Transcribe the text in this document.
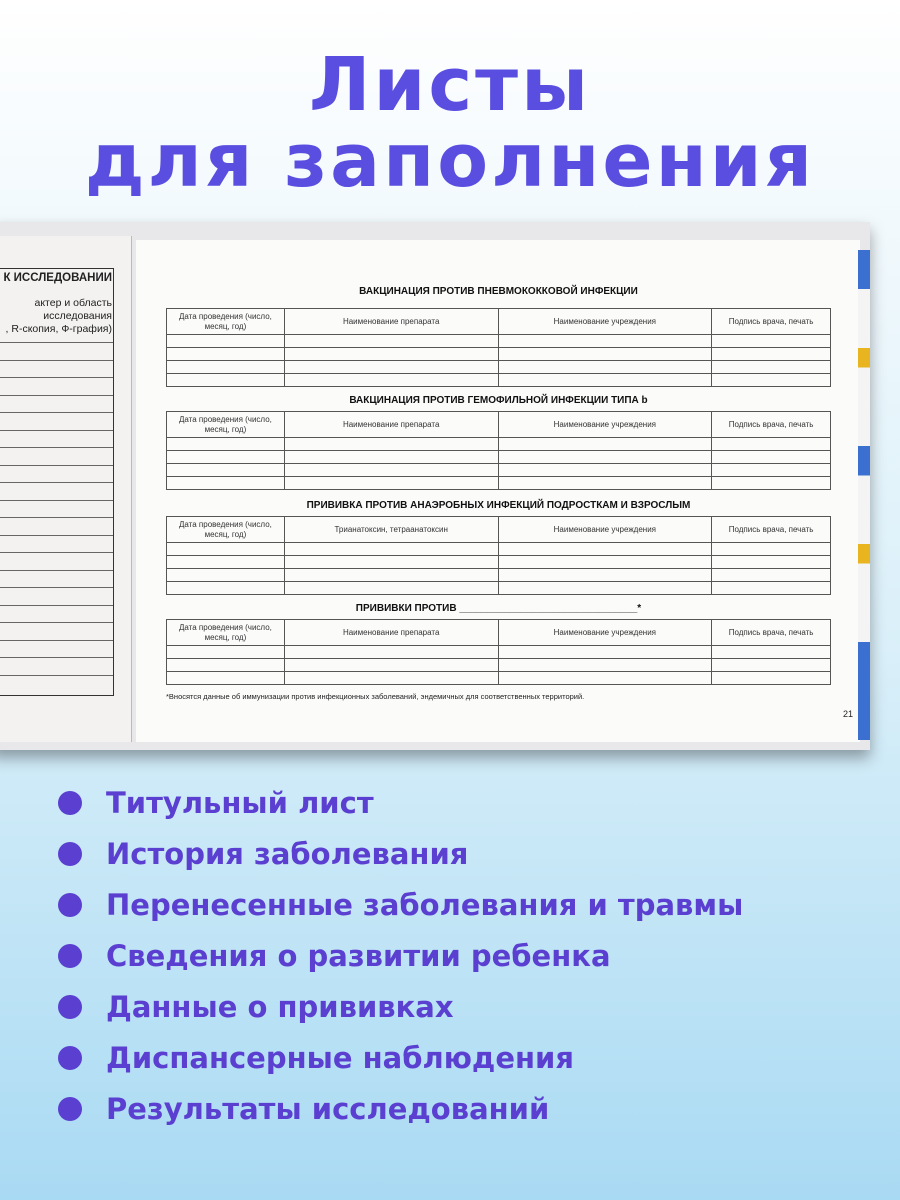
Листы
для заполнения
К ИССЛЕДОВАНИЙ
актер и область
исследования
, R-скопия, Ф-графия)
ВАКЦИНАЦИЯ ПРОТИВ ПНЕВМОКОККОВОЙ ИНФЕКЦИИ
Дата проведения (число, месяц, год)	Наименование препарата	Наименование учреждения	Подпись врача, печать

ВАКЦИНАЦИЯ ПРОТИВ ГЕМОФИЛЬНОЙ ИНФЕКЦИИ ТИПА b
Дата проведения (число, месяц, год)	Наименование препарата	Наименование учреждения	Подпись врача, печать

ПРИВИВКА ПРОТИВ АНАЭРОБНЫХ ИНФЕКЦИЙ ПОДРОСТКАМ И ВЗРОСЛЫМ
Дата проведения (число, месяц, год)	Трианатоксин, тетраанатоксин	Наименование учреждения	Подпись врача, печать

ПРИВИВКИ ПРОТИВ ________________________________*
Дата проведения (число, месяц, год)	Наименование препарата	Наименование учреждения	Подпись врача, печать

*Вносятся данные об иммунизации против инфекционных заболеваний, эндемичных для соответственных территорий.
21
Титульный лист
История заболевания
Перенесенные заболевания и травмы
Сведения о развитии ребенка
Данные о прививках
Диспансерные наблюдения
Результаты исследований
